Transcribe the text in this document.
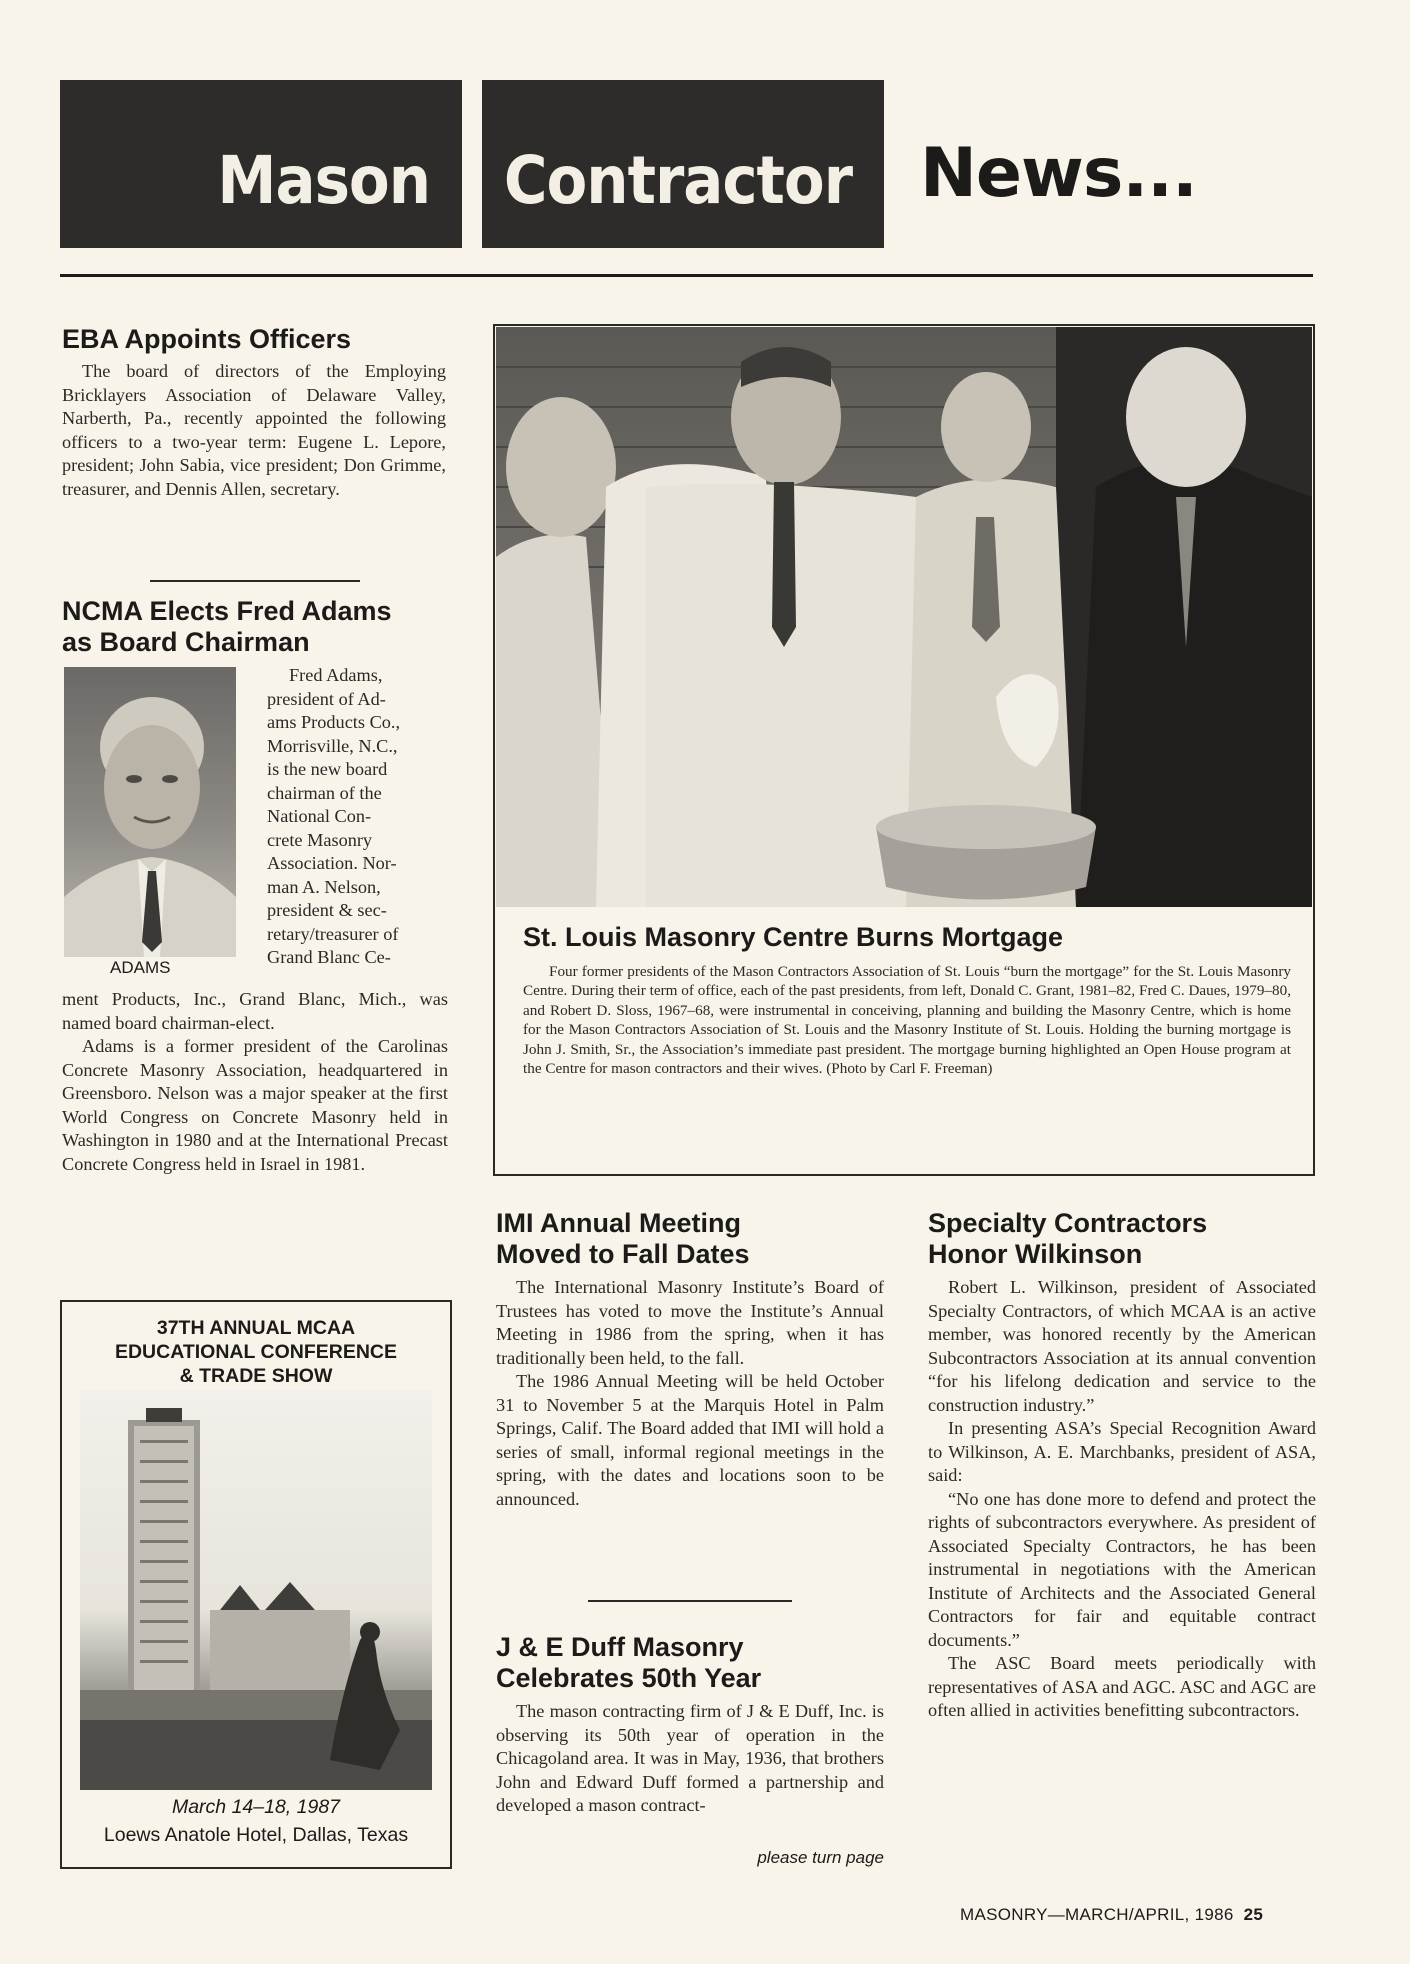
Mason Contractor News...
EBA Appoints Officers

The board of directors of the Employing Bricklayers Association of Delaware Valley, Narberth, Pa., recently appointed the following officers to a two-year term: Eugene L. Lepore, president; John Sabia, vice president; Don Grimme, treasurer, and Dennis Allen, secretary.

NCMA Elects Fred Adams
as Board Chairman
ADAMS
Fred Adams,
president of Ad-
ams Products Co.,
Morrisville, N.C.,
is the new board
chairman of the
National Con-
crete Masonry
Association. Nor-
man A. Nelson,
president & sec-
retary/treasurer of
Grand Blanc Ce-

ment Products, Inc., Grand Blanc, Mich., was named board chairman-elect.

Adams is a former president of the Carolinas Concrete Masonry Association, headquartered in Greensboro. Nelson was a major speaker at the first World Congress on Concrete Masonry held in Washington in 1980 and at the International Precast Concrete Congress held in Israel in 1981.

37TH ANNUAL MCAA
EDUCATIONAL CONFERENCE
& TRADE SHOW
March 14–18, 1987
Loews Anatole Hotel, Dallas, Texas
St. Louis Masonry Centre Burns Mortgage

Four former presidents of the Mason Contractors Association of St. Louis “burn the mortgage” for the St. Louis Masonry Centre. During their term of office, each of the past presidents, from left, Donald C. Grant, 1981–82, Fred C. Daues, 1979–80, and Robert D. Sloss, 1967–68, were instrumental in conceiving, planning and building the Masonry Centre, which is home for the Mason Contractors Association of St. Louis and the Masonry Institute of St. Louis. Holding the burning mortgage is John J. Smith, Sr., the Association’s immediate past president. The mortgage burning highlighted an Open House program at the Centre for mason contractors and their wives. (Photo by Carl F. Freeman)

IMI Annual Meeting
Moved to Fall Dates

The International Masonry Institute’s Board of Trustees has voted to move the Institute’s Annual Meeting in 1986 from the spring, when it has traditionally been held, to the fall.

The 1986 Annual Meeting will be held October 31 to November 5 at the Marquis Hotel in Palm Springs, Calif. The Board added that IMI will hold a series of small, informal regional meetings in the spring, with the dates and locations soon to be announced.

J & E Duff Masonry
Celebrates 50th Year

The mason contracting firm of J & E Duff, Inc. is observing its 50th year of operation in the Chicagoland area. It was in May, 1936, that brothers John and Edward Duff formed a partnership and developed a mason contract-

please turn page
Specialty Contractors
Honor Wilkinson

Robert L. Wilkinson, president of Associated Specialty Contractors, of which MCAA is an active member, was honored recently by the American Subcontractors Association at its annual convention “for his lifelong dedication and service to the construction industry.”

In presenting ASA’s Special Recognition Award to Wilkinson, A. E. Marchbanks, president of ASA, said:

“No one has done more to defend and protect the rights of subcontractors everywhere. As president of Associated Specialty Contractors, he has been instrumental in negotiations with the American Institute of Architects and the Associated General Contractors for fair and equitable contract documents.”

The ASC Board meets periodically with representatives of ASA and AGC. ASC and AGC are often allied in activities benefitting subcontractors.

MASONRY—MARCH/APRIL, 1986 25
